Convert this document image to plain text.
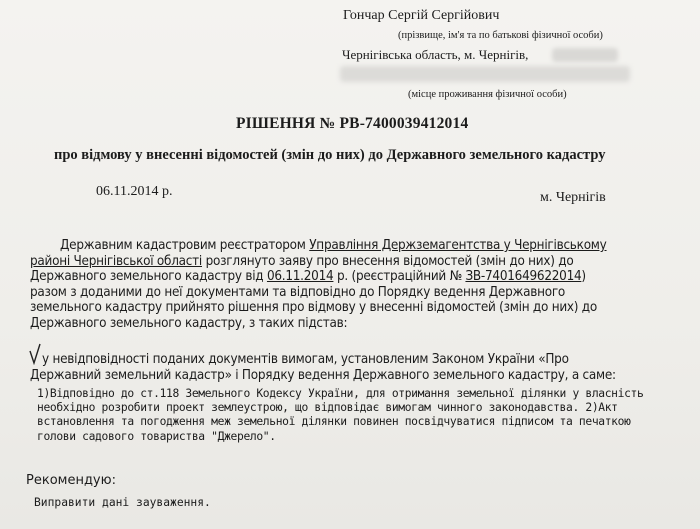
Гончар Сергій Сергійович
(прізвище, ім'я та по батькові фізичної особи)
Чернігівська область, м. Чернігів,
(місце проживання фізичної особи)
РІШЕННЯ № РВ-7400039412014
про відмову у внесенні відомостей (змін до них) до Державного земельного кадастру
06.11.2014 р.	м. Чернігів
Державним кадастровим реєстратором Управління Держземагентства у Чернігівському
районі Чернігівської області розглянуто заяву про внесення відомостей (змін до них) до
Державного земельного кадастру від 06.11.2014 р. (реєстраційний № ЗВ-7401649622014)
разом з доданими до неї документами та відповідно до Порядку ведення Державного
земельного кадастру прийнято рішення про відмову у внесенні відомостей (змін до них) до
Державного земельного кадастру, з таких підстав:
у невідповідності поданих документів вимогам, установленим Законом України «Про
Державний земельний кадастр» і Порядку ведення Державного земельного кадастру, а саме:
1)Відповідно до ст.118 Земельного Кодексу України, для отримання земельної ділянки у власність
необхідно розробити проект землеустрою, що відповідає вимогам чинного законодавства. 2)Акт
встановлення та погодження меж земельної ділянки повинен посвідчуватися підписом та печаткою
голови садового товариства "Джерело".
Рекомендую:
Виправити дані зауваження.
